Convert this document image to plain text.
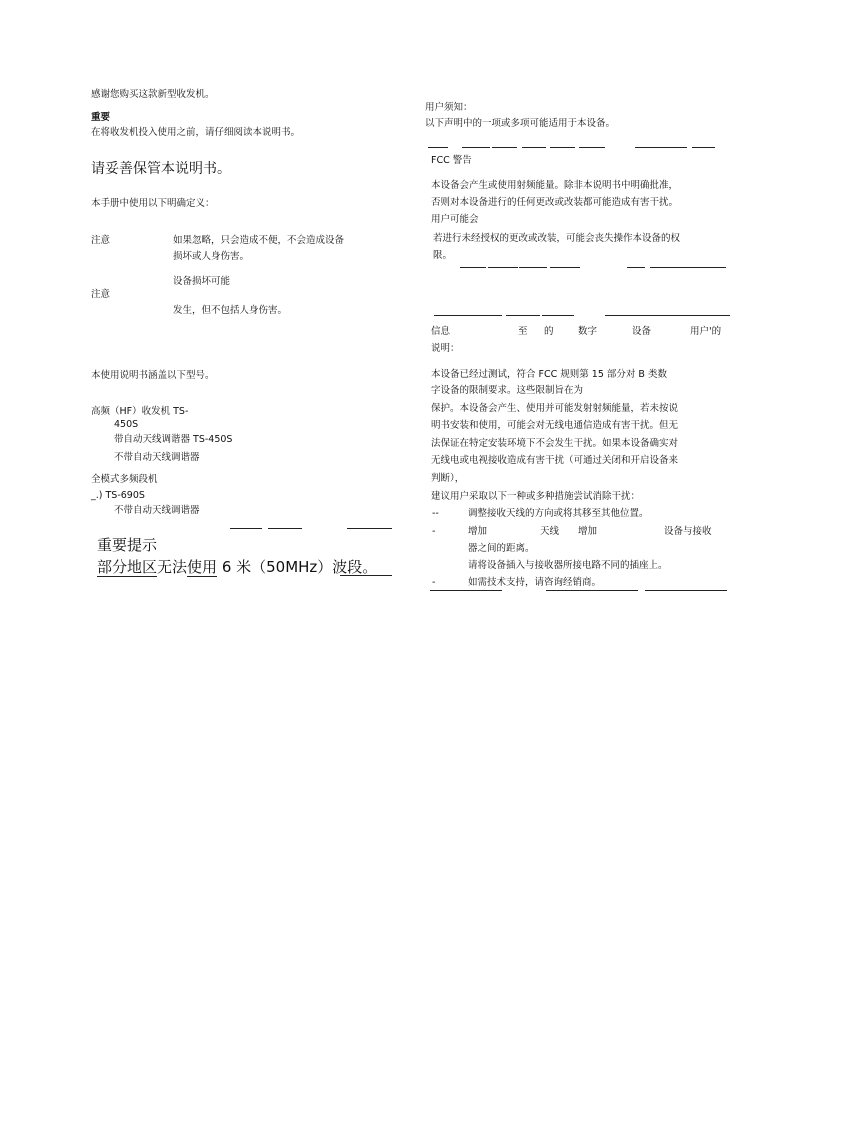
感谢您购买这款新型收发机。
重要
在将收发机投入使用之前，请仔细阅读本说明书。
请妥善保管本说明书。
本手册中使用以下明确定义：
注意	如果忽略，只会造成不便，不会造成设备
损坏或人身伤害。
设备损坏可能
注意
发生，但不包括人身伤害。
本使用说明书涵盖以下型号。
高频（HF）收发机 TS-
450S
带自动天线调谐器 TS-450S
不带自动天线调谐器
全模式多频段机
_.) TS-690S
不带自动天线调谐器
重要提示
部分地区无法使用 6 米（50MHz）波段。
用户须知：
以下声明中的一项或多项可能适用于本设备。
FCC 警告
本设备会产生或使用射频能量。除非本说明书中明确批准，
否则对本设备进行的任何更改或改装都可能造成有害干扰。
用户可能会
若进行未经授权的更改或改装，可能会丧失操作本设备的权
限。
信息	至 的	数字	设备	用户'的
说明：
本设备已经过测试，符合 FCC 规则第 15 部分对 B 类数
字设备的限制要求。这些限制旨在为
保护。本设备会产生、使用并可能发射射频能量，若未按说
明书安装和使用，可能会对无线电通信造成有害干扰。但无
法保证在特定安装环境下不会发生干扰。如果本设备确实对
无线电或电视接收造成有害干扰（可通过关闭和开启设备来
判断），
建议用户采取以下一种或多种措施尝试消除干扰：
--	调整接收天线的方向或将其移至其他位置。
-	增加	天线 增加	设备与接收
器之间的距离。
请将设备插入与接收器所接电路不同的插座上。
-	如需技术支持，请咨询经销商。
